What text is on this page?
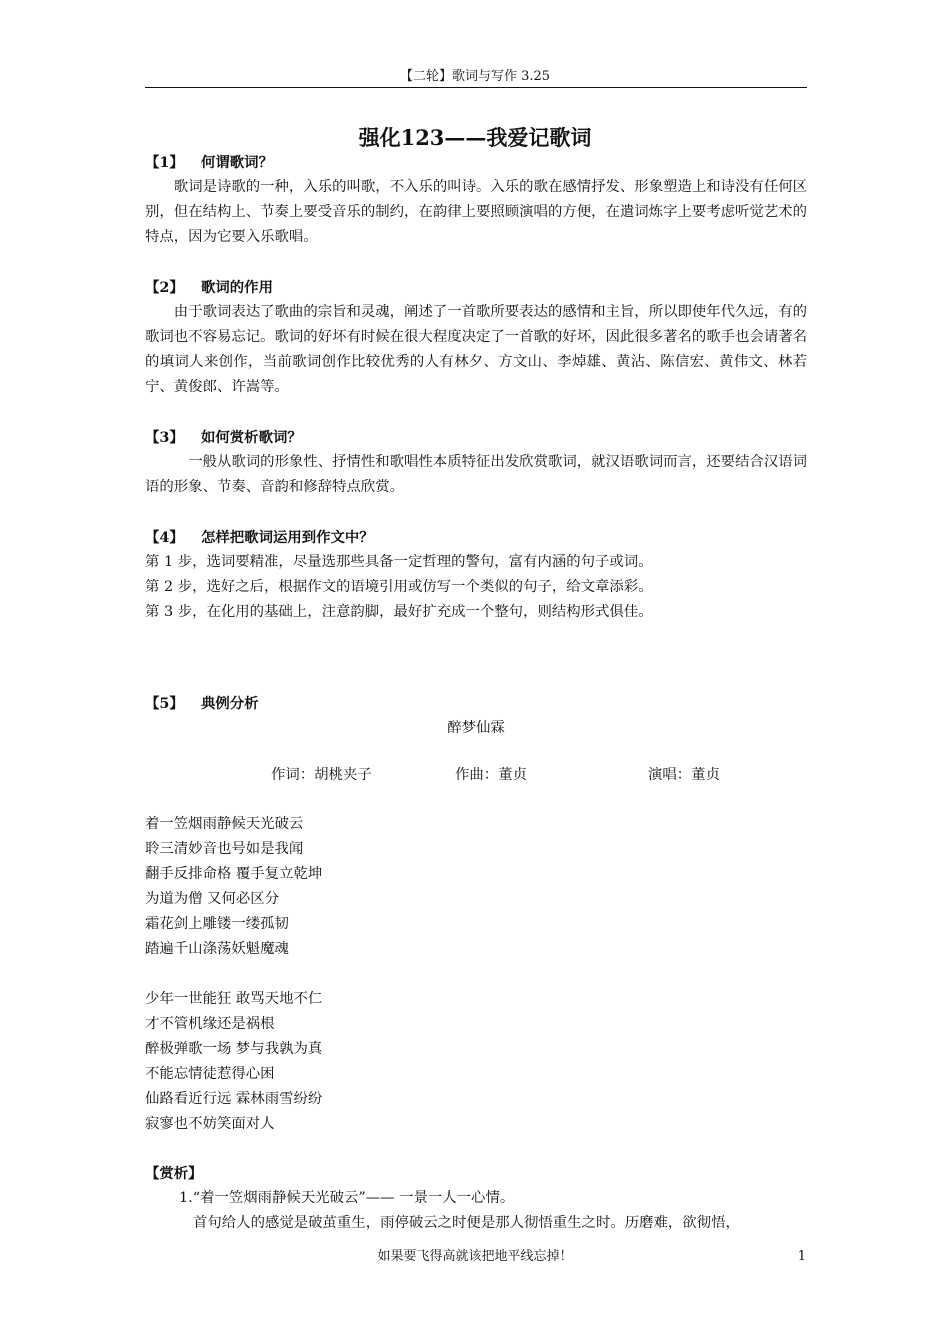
【二轮】歌词与写作 3.25
强化123——我爱记歌词

【1】 何谓歌词？

歌词是诗歌的一种，入乐的叫歌，不入乐的叫诗。入乐的歌在感情抒发、形象塑造上和诗没有任何区别，但在结构上、节奏上要受音乐的制约，在韵律上要照顾演唱的方便，在遣词炼字上要考虑听觉艺术的特点，因为它要入乐歌唱。

【2】 歌词的作用

由于歌词表达了歌曲的宗旨和灵魂，阐述了一首歌所要表达的感情和主旨，所以即使年代久远，有的歌词也不容易忘记。歌词的好坏有时候在很大程度决定了一首歌的好坏，因此很多著名的歌手也会请著名的填词人来创作，当前歌词创作比较优秀的人有林夕、方文山、李焯雄、黄沾、陈信宏、黄伟文、林若宁、黄俊郎、许嵩等。

【3】 如何赏析歌词？

一般从歌词的形象性、抒情性和歌唱性本质特征出发欣赏歌词，就汉语歌词而言，还要结合汉语词语的形象、节奏、音韵和修辞特点欣赏。

【4】 怎样把歌词运用到作文中？

第 1 步，选词要精准，尽量选那些具备一定哲理的警句，富有内涵的句子或词。

第 2 步，选好之后，根据作文的语境引用或仿写一个类似的句子，给文章添彩。

第 3 步，在化用的基础上，注意韵脚，最好扩充成一个整句，则结构形式俱佳。

【5】 典例分析

醉梦仙霖

作词：胡桃夹子	作曲：董贞	演唱：董贞

着一笠烟雨静候天光破云

聆三清妙音也号如是我闻

翻手反排命格 覆手复立乾坤

为道为僧 又何必区分

霜花剑上雕镂一缕孤韧

踏遍千山涤荡妖魁魔魂

少年一世能狂 敢骂天地不仁

才不管机缘还是祸根

醉极弹歌一场 梦与我孰为真

不能忘情徒惹得心困

仙路看近行远 霖林雨雪纷纷

寂寥也不妨笑面对人

【赏析】

1.“着一笠烟雨静候天光破云”—— 一景一人一心情。

首句给人的感觉是破茧重生，雨停破云之时便是那人彻悟重生之时。历磨难，欲彻悟，

如果要飞得高就该把地平线忘掉！	1
